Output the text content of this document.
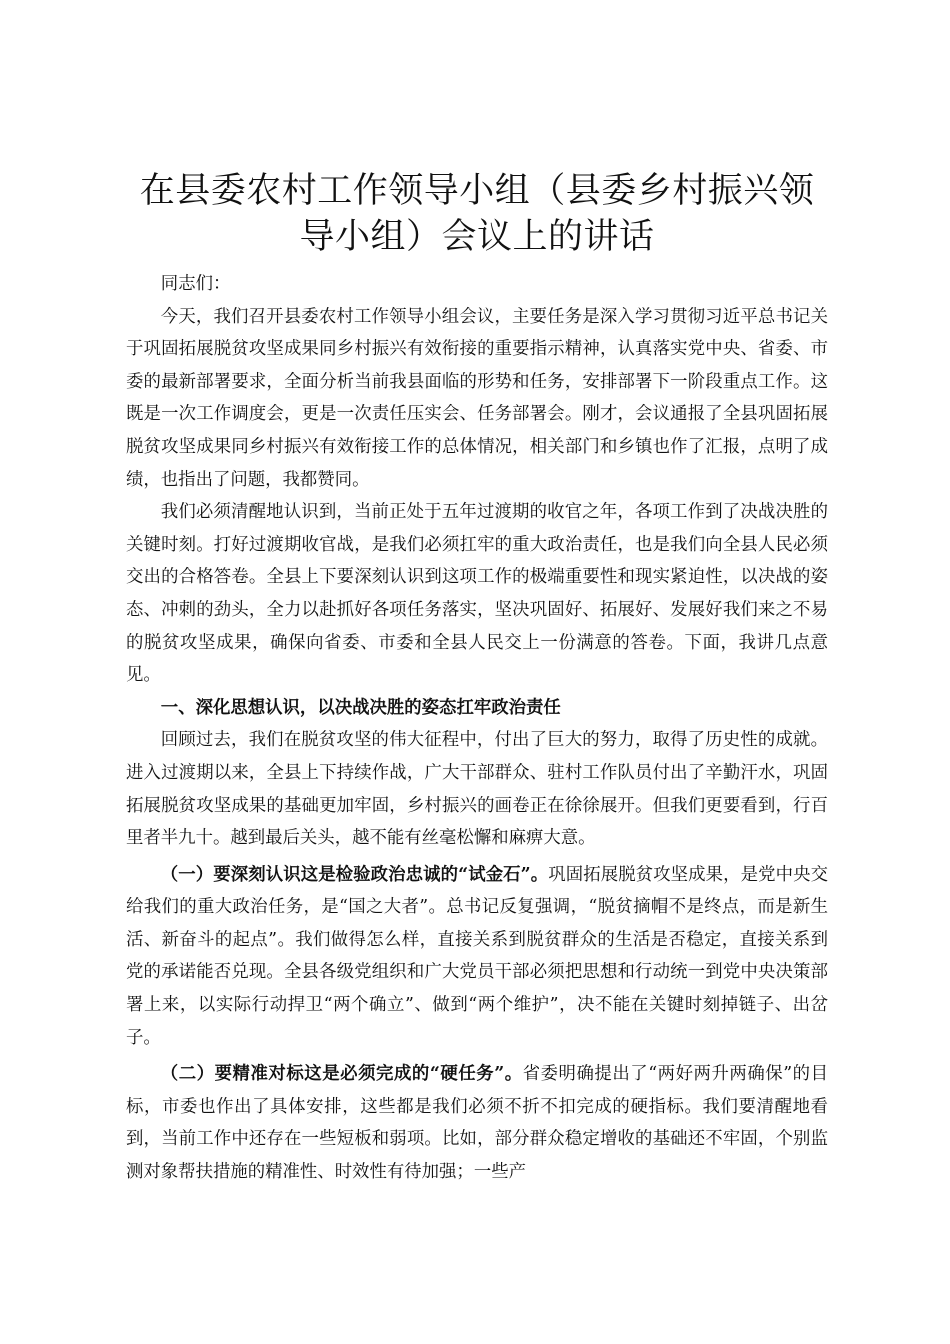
在县委农村工作领导小组（县委乡村振兴领导小组）会议上的讲话

同志们：

今天，我们召开县委农村工作领导小组会议，主要任务是深入学习贯彻习近平总书记关于巩固拓展脱贫攻坚成果同乡村振兴有效衔接的重要指示精神，认真落实党中央、省委、市委的最新部署要求，全面分析当前我县面临的形势和任务，安排部署下一阶段重点工作。这既是一次工作调度会，更是一次责任压实会、任务部署会。刚才，会议通报了全县巩固拓展脱贫攻坚成果同乡村振兴有效衔接工作的总体情况，相关部门和乡镇也作了汇报，点明了成绩，也指出了问题，我都赞同。

我们必须清醒地认识到，当前正处于五年过渡期的收官之年，各项工作到了决战决胜的关键时刻。打好过渡期收官战，是我们必须扛牢的重大政治责任，也是我们向全县人民必须交出的合格答卷。全县上下要深刻认识到这项工作的极端重要性和现实紧迫性，以决战的姿态、冲刺的劲头，全力以赴抓好各项任务落实，坚决巩固好、拓展好、发展好我们来之不易的脱贫攻坚成果，确保向省委、市委和全县人民交上一份满意的答卷。下面，我讲几点意见。

一、深化思想认识，以决战决胜的姿态扛牢政治责任

回顾过去，我们在脱贫攻坚的伟大征程中，付出了巨大的努力，取得了历史性的成就。进入过渡期以来，全县上下持续作战，广大干部群众、驻村工作队员付出了辛勤汗水，巩固拓展脱贫攻坚成果的基础更加牢固，乡村振兴的画卷正在徐徐展开。但我们更要看到，行百里者半九十。越到最后关头，越不能有丝毫松懈和麻痹大意。

（一）要深刻认识这是检验政治忠诚的“试金石”。巩固拓展脱贫攻坚成果，是党中央交给我们的重大政治任务，是“国之大者”。总书记反复强调，“脱贫摘帽不是终点，而是新生活、新奋斗的起点”。我们做得怎么样，直接关系到脱贫群众的生活是否稳定，直接关系到党的承诺能否兑现。全县各级党组织和广大党员干部必须把思想和行动统一到党中央决策部署上来，以实际行动捍卫“两个确立”、做到“两个维护”，决不能在关键时刻掉链子、出岔子。

（二）要精准对标这是必须完成的“硬任务”。省委明确提出了“两好两升两确保”的目标，市委也作出了具体安排，这些都是我们必须不折不扣完成的硬指标。我们要清醒地看到，当前工作中还存在一些短板和弱项。比如，部分群众稳定增收的基础还不牢固，个别监测对象帮扶措施的精准性、时效性有待加强；一些产
